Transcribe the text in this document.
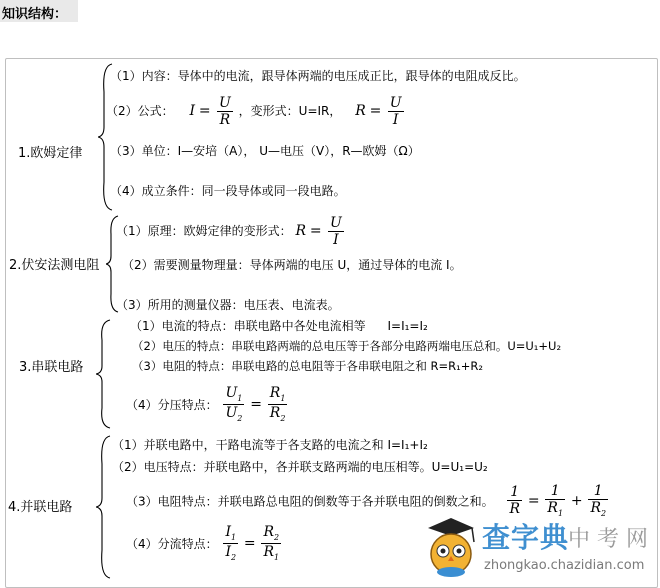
知识结构：
1.欧姆定律
（1）内容：导体中的电流，跟导体两端的电压成正比，跟导体的电阻成反比。
（2）公式： $I = \frac{U}{R}$ ，变形式：U=IR， $R = \frac{U}{I}$
（3）单位：I—安培（A）， U—电压（V），R—欧姆（Ω）
（4）成立条件：同一段导体或同一段电路。
2.伏安法测电阻
（1）原理：欧姆定律的变形式： $R = \frac{U}{I}$
（2）需要测量物理量：导体两端的电压 U，通过导体的电流 I。
（3）所用的测量仪器：电压表、电流表。
3.串联电路
（1）电流的特点：串联电路中各处电流相等 I=I₁=I₂
（2）电压的特点：串联电路两端的总电压等于各部分电路两端电压总和。U=U₁+U₂
（3）电阻的特点：串联电路的总电阻等于各串联电阻之和 R=R₁+R₂
（4）分压特点： $\frac{U_1}{U_2} = \frac{R_1}{R_2}$
4.并联电路
（1）并联电路中，干路电流等于各支路的电流之和 I=I₁+I₂
（2）电压特点：并联电路中，各并联支路两端的电压相等。U=U₁=U₂
（3）电阻特点：并联电路总电阻的倒数等于各并联电阻的倒数之和。 $\frac{1}{R} = \frac{1}{R_1} + \frac{1}{R_2}$
（4）分流特点： $\frac{I_1}{I_2} = \frac{R_2}{R_1}$	查字典
中 考 网
zhongkao.chazidian.com
